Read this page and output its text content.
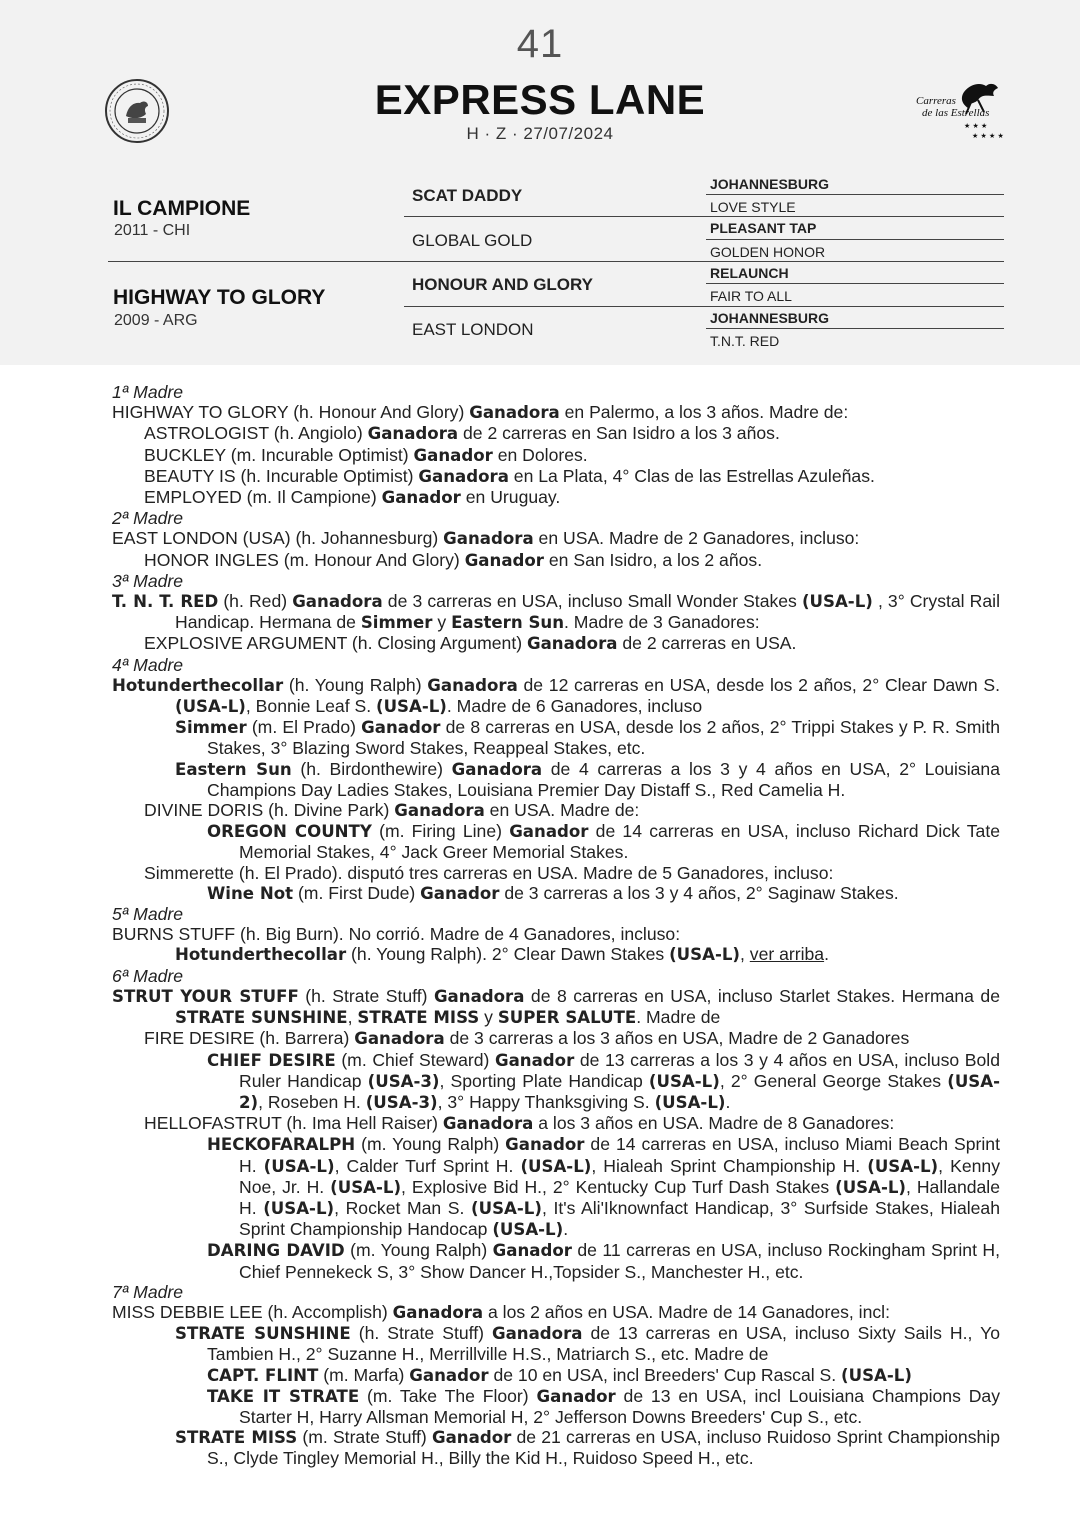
41
EXPRESS LANE
H · Z · 27/07/2024
Carreras
de las Estrellas
★ ★ ★
★ ★ ★ ★
IL CAMPIONE
2011 - CHI
HIGHWAY TO GLORY
2009 - ARG
SCAT DADDY
GLOBAL GOLD
HONOUR AND GLORY
EAST LONDON
JOHANNESBURG
LOVE STYLE
PLEASANT TAP
GOLDEN HONOR
RELAUNCH
FAIR TO ALL
JOHANNESBURG
T.N.T. RED

1ª Madre

HIGHWAY TO GLORY (h. Honour And Glory) Ganadora en Palermo, a los 3 años. Madre de:

ASTROLOGIST (h. Angiolo) Ganadora de 2 carreras en San Isidro a los 3 años.

BUCKLEY (m. Incurable Optimist) Ganador en Dolores.

BEAUTY IS (h. Incurable Optimist) Ganadora en La Plata, 4° Clas de las Estrellas Azuleñas.

EMPLOYED (m. Il Campione) Ganador en Uruguay.

2ª Madre

EAST LONDON (USA) (h. Johannesburg) Ganadora en USA. Madre de 2 Ganadores, incluso:

HONOR INGLES (m. Honour And Glory) Ganador en San Isidro, a los 2 años.

3ª Madre

T. N. T. RED (h. Red) Ganadora de 3 carreras en USA, incluso Small Wonder Stakes (USA-L) , 3° Crystal Rail Handicap. Hermana de Simmer y Eastern Sun. Madre de 3 Ganadores:

EXPLOSIVE ARGUMENT (h. Closing Argument) Ganadora de 2 carreras en USA.

4ª Madre

Hotunderthecollar (h. Young Ralph) Ganadora de 12 carreras en USA, desde los 2 años, 2° Clear Dawn S. (USA-L), Bonnie Leaf S. (USA-L). Madre de 6 Ganadores, incluso

Simmer (m. El Prado) Ganador de 8 carreras en USA, desde los 2 años, 2° Trippi Stakes y P. R. Smith Stakes, 3° Blazing Sword Stakes, Reappeal Stakes, etc.

Eastern Sun (h. Birdonthewire) Ganadora de 4 carreras a los 3 y 4 años en USA, 2° Louisiana Champions Day Ladies Stakes, Louisiana Premier Day Distaff S., Red Camelia H.

DIVINE DORIS (h. Divine Park) Ganadora en USA. Madre de:

OREGON COUNTY (m. Firing Line) Ganador de 14 carreras en USA, incluso Richard Dick Tate Memorial Stakes, 4° Jack Greer Memorial Stakes.

Simmerette (h. El Prado). disputó tres carreras en USA. Madre de 5 Ganadores, incluso:

Wine Not (m. First Dude) Ganador de 3 carreras a los 3 y 4 años, 2° Saginaw Stakes.

5ª Madre

BURNS STUFF (h. Big Burn). No corrió. Madre de 4 Ganadores, incluso:

Hotunderthecollar (h. Young Ralph). 2° Clear Dawn Stakes (USA-L), ver arriba.

6ª Madre

STRUT YOUR STUFF (h. Strate Stuff) Ganadora de 8 carreras en USA, incluso Starlet Stakes. Hermana de STRATE SUNSHINE, STRATE MISS y SUPER SALUTE. Madre de

FIRE DESIRE (h. Barrera) Ganadora de 3 carreras a los 3 años en USA, Madre de 2 Ganadores

CHIEF DESIRE (m. Chief Steward) Ganador de 13 carreras a los 3 y 4 años en USA, incluso Bold Ruler Handicap (USA-3), Sporting Plate Handicap (USA-L), 2° General George Stakes (USA-2), Roseben H. (USA-3), 3° Happy Thanksgiving S. (USA-L).

HELLOFASTRUT (h. Ima Hell Raiser) Ganadora a los 3 años en USA. Madre de 8 Ganadores:

HECKOFARALPH (m. Young Ralph) Ganador de 14 carreras en USA, incluso Miami Beach Sprint H. (USA-L), Calder Turf Sprint H. (USA-L), Hialeah Sprint Championship H. (USA-L), Kenny Noe, Jr. H. (USA-L), Explosive Bid H., 2° Kentucky Cup Turf Dash Stakes (USA-L), Hallandale H. (USA-L), Rocket Man S. (USA-L), It's Ali'Iknownfact Handicap, 3° Surfside Stakes, Hialeah Sprint Championship Handocap (USA-L).

DARING DAVID (m. Young Ralph) Ganador de 11 carreras en USA, incluso Rockingham Sprint H, Chief Pennekeck S, 3° Show Dancer H.,Topsider S., Manchester H., etc.

7ª Madre

MISS DEBBIE LEE (h. Accomplish) Ganadora a los 2 años en USA. Madre de 14 Ganadores, incl:

STRATE SUNSHINE (h. Strate Stuff) Ganadora de 13 carreras en USA, incluso Sixty Sails H., Yo Tambien H., 2° Suzanne H., Merrillville H.S., Matriarch S., etc. Madre de

CAPT. FLINT (m. Marfa) Ganador de 10 en USA, incl Breeders' Cup Rascal S. (USA-L)

TAKE IT STRATE (m. Take The Floor) Ganador de 13 en USA, incl Louisiana Champions Day Starter H, Harry Allsman Memorial H, 2° Jefferson Downs Breeders' Cup S., etc.

STRATE MISS (m. Strate Stuff) Ganador de 21 carreras en USA, incluso Ruidoso Sprint Championship S., Clyde Tingley Memorial H., Billy the Kid H., Ruidoso Speed H., etc.
